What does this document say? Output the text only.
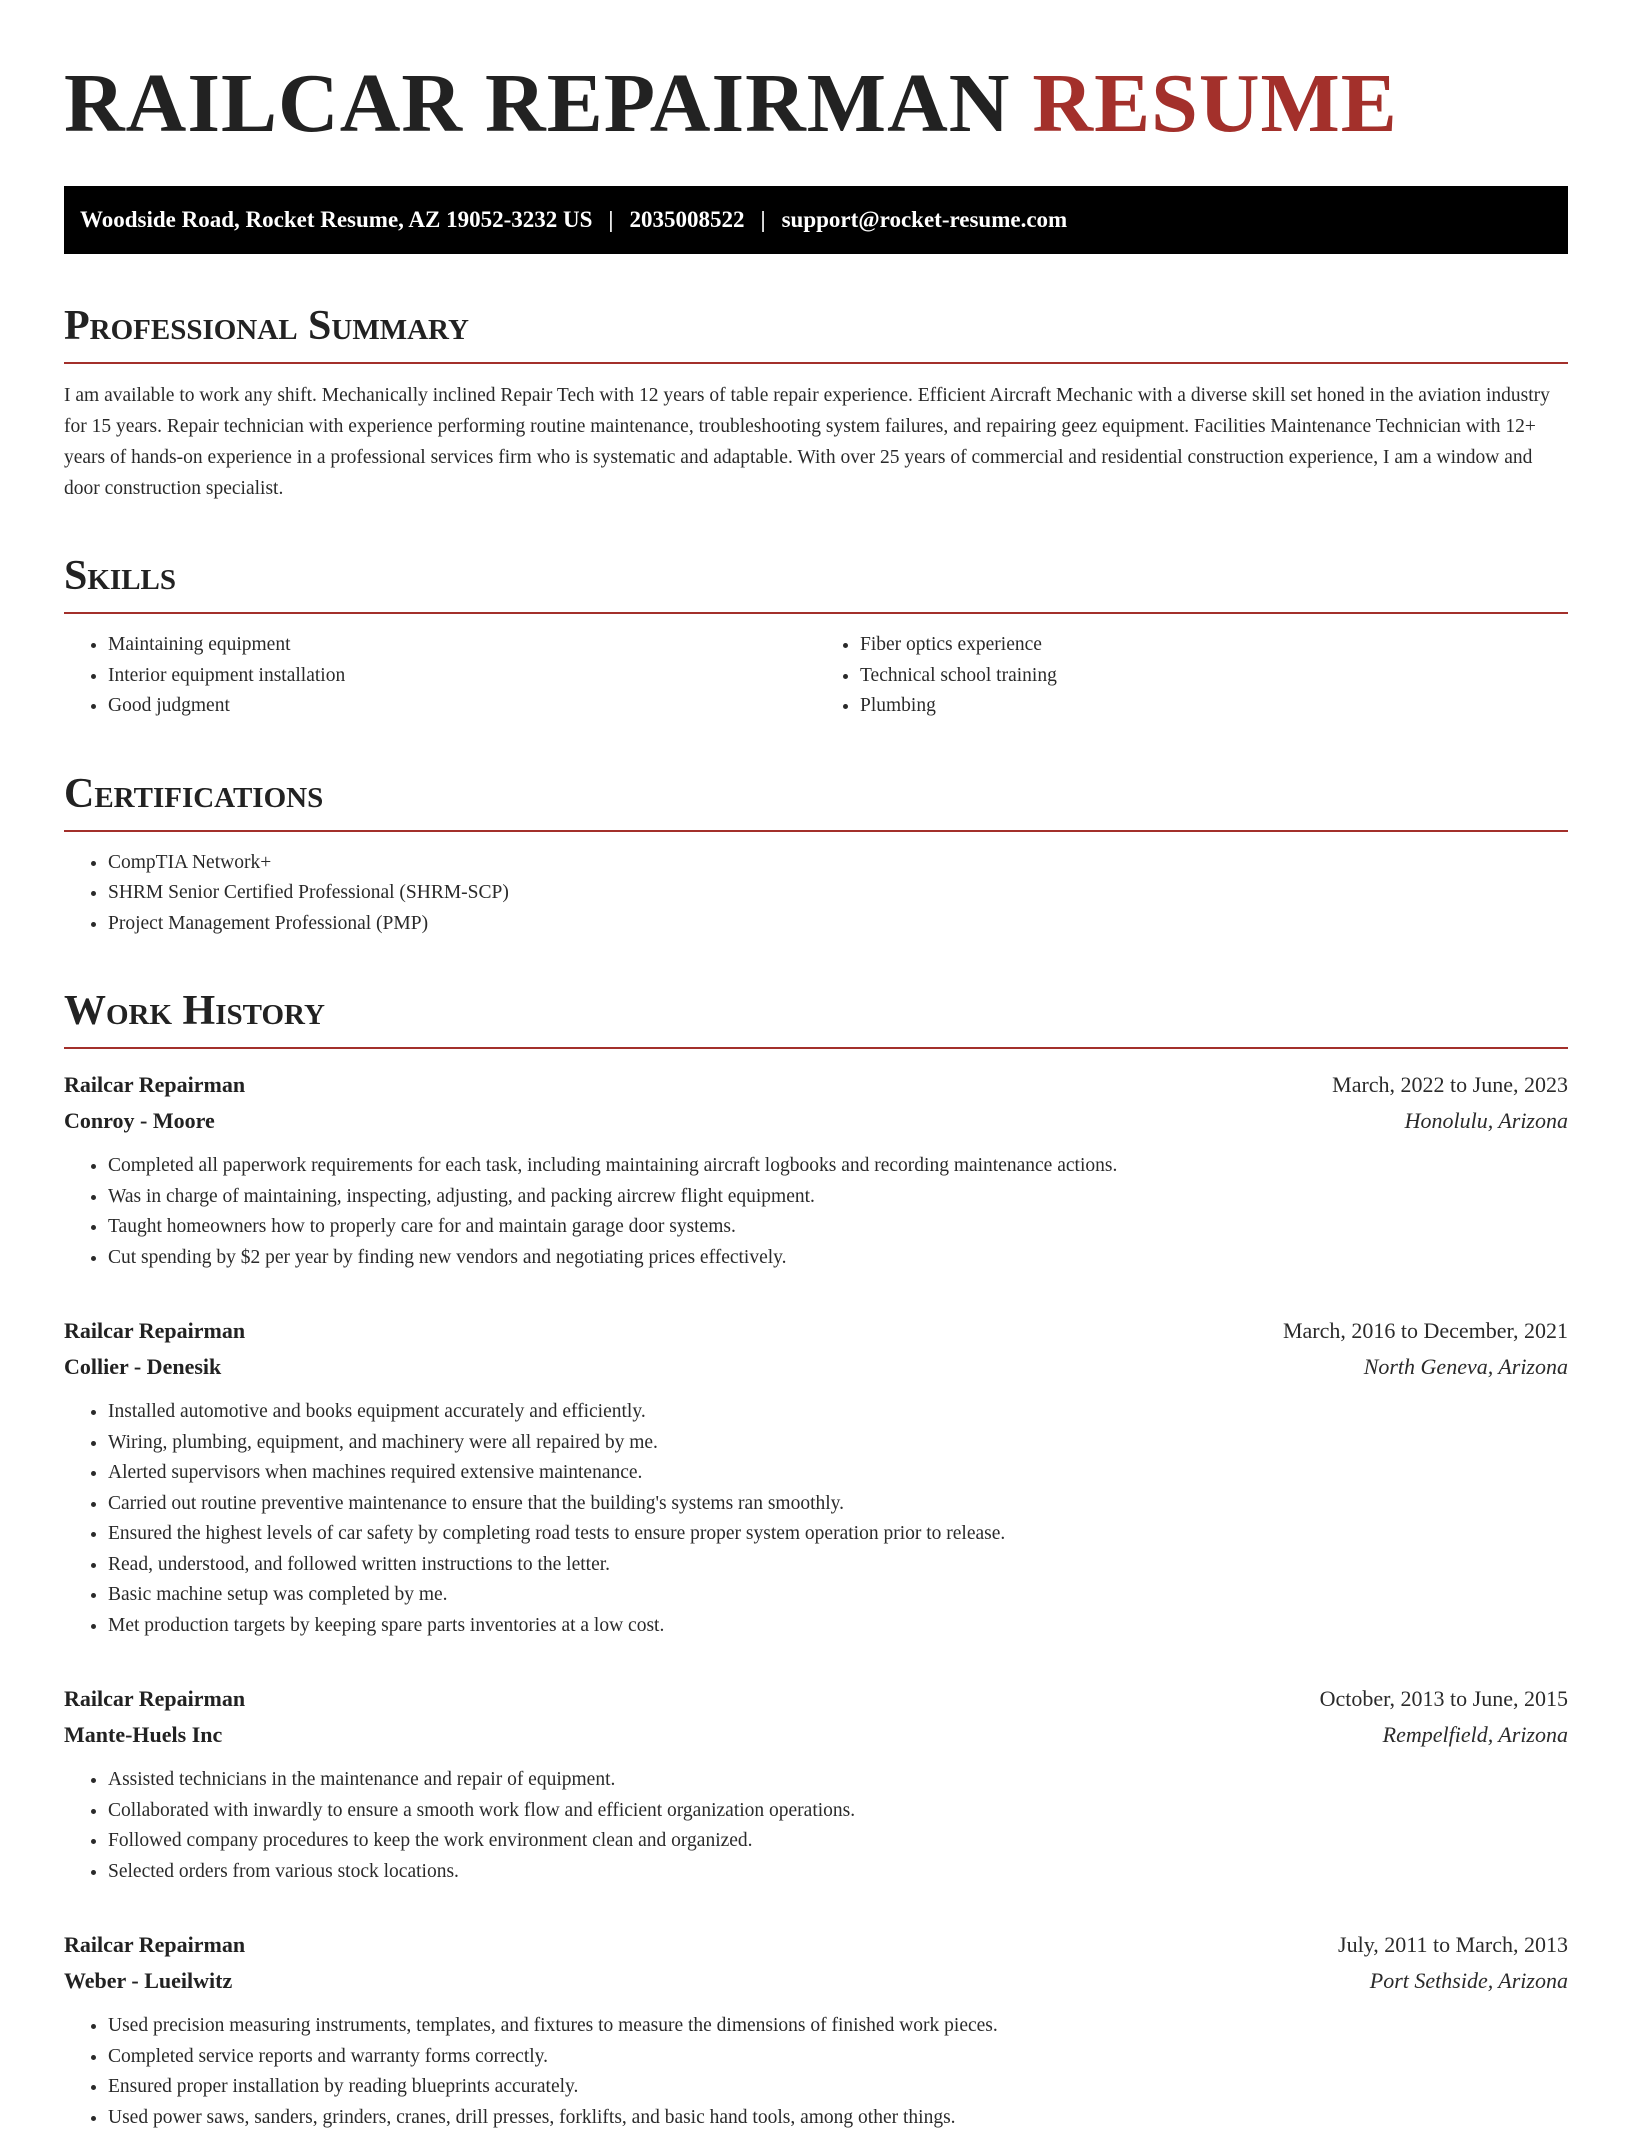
RAILCAR REPAIRMAN RESUME
Woodside Road, Rocket Resume, AZ 19052-3232 US | 2035008522 | support@rocket-resume.com
Professional Summary

I am available to work any shift. Mechanically inclined Repair Tech with 12 years of table repair experience. Efficient Aircraft Mechanic with a diverse skill set honed in the aviation industry for 15 years. Repair technician with experience performing routine maintenance, troubleshooting system failures, and repairing geez equipment. Facilities Maintenance Technician with 12+ years of hands-on experience in a professional services firm who is systematic and adaptable. With over 25 years of commercial and residential construction experience, I am a window and door construction specialist.

Skills
• Maintaining equipment
• Interior equipment installation
• Good judgment
• Fiber optics experience
• Technical school training
• Plumbing
Certifications
• CompTIA Network+
• SHRM Senior Certified Professional (SHRM-SCP)
• Project Management Professional (PMP)
Work History
Railcar Repairman	March, 2022 to June, 2023
Conroy - Moore	Honolulu, Arizona
• Completed all paperwork requirements for each task, including maintaining aircraft logbooks and recording maintenance actions.
• Was in charge of maintaining, inspecting, adjusting, and packing aircrew flight equipment.
• Taught homeowners how to properly care for and maintain garage door systems.
• Cut spending by $2 per year by finding new vendors and negotiating prices effectively.
Railcar Repairman	March, 2016 to December, 2021
Collier - Denesik	North Geneva, Arizona
• Installed automotive and books equipment accurately and efficiently.
• Wiring, plumbing, equipment, and machinery were all repaired by me.
• Alerted supervisors when machines required extensive maintenance.
• Carried out routine preventive maintenance to ensure that the building's systems ran smoothly.
• Ensured the highest levels of car safety by completing road tests to ensure proper system operation prior to release.
• Read, understood, and followed written instructions to the letter.
• Basic machine setup was completed by me.
• Met production targets by keeping spare parts inventories at a low cost.
Railcar Repairman	October, 2013 to June, 2015
Mante-Huels Inc	Rempelfield, Arizona
• Assisted technicians in the maintenance and repair of equipment.
• Collaborated with inwardly to ensure a smooth work flow and efficient organization operations.
• Followed company procedures to keep the work environment clean and organized.
• Selected orders from various stock locations.
Railcar Repairman	July, 2011 to March, 2013
Weber - Lueilwitz	Port Sethside, Arizona
• Used precision measuring instruments, templates, and fixtures to measure the dimensions of finished work pieces.
• Completed service reports and warranty forms correctly.
• Ensured proper installation by reading blueprints accurately.
• Used power saws, sanders, grinders, cranes, drill presses, forklifts, and basic hand tools, among other things.
